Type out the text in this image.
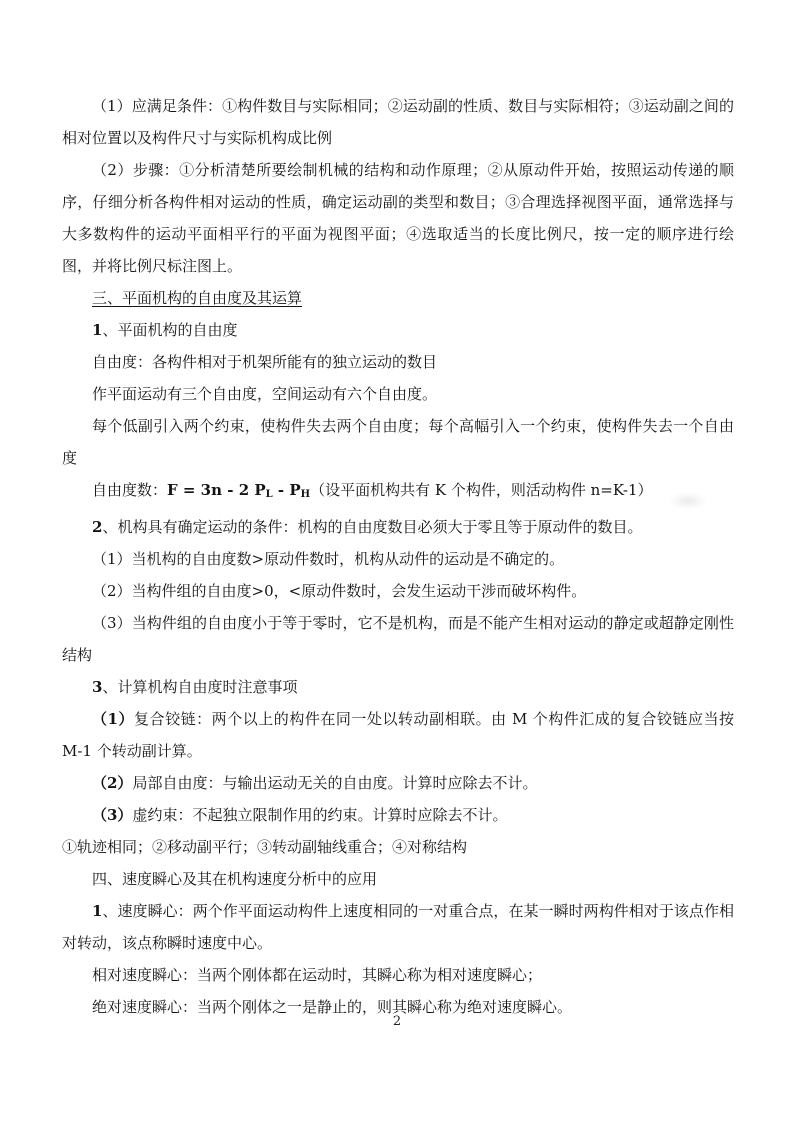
（1）应满足条件：①构件数目与实际相同；②运动副的性质、数目与实际相符；③运动副之间的相对位置以及构件尺寸与实际机构成比例

（2）步骤：①分析清楚所要绘制机械的结构和动作原理；②从原动件开始，按照运动传递的顺序，仔细分析各构件相对运动的性质，确定运动副的类型和数目；③合理选择视图平面，通常选择与大多数构件的运动平面相平行的平面为视图平面；④选取适当的长度比例尺，按一定的顺序进行绘图，并将比例尺标注图上。

三、平面机构的自由度及其运算

1、平面机构的自由度

自由度：各构件相对于机架所能有的独立运动的数目

作平面运动有三个自由度，空间运动有六个自由度。

每个低副引入两个约束，使构件失去两个自由度；每个高幅引入一个约束，使构件失去一个自由度

自由度数：F = 3n - 2 $P_L - P_H$（设平面机构共有 K 个构件，则活动构件 n=K-1）

2、机构具有确定运动的条件：机构的自由度数目必须大于零且等于原动件的数目。

（1）当机构的自由度数>原动件数时，机构从动件的运动是不确定的。

（2）当构件组的自由度>0，<原动件数时，会发生运动干涉而破坏构件。

（3）当构件组的自由度小于等于零时，它不是机构，而是不能产生相对运动的静定或超静定刚性结构

3、计算机构自由度时注意事项

（1）复合铰链：两个以上的构件在同一处以转动副相联。由 M 个构件汇成的复合铰链应当按 M-1 个转动副计算。

（2）局部自由度：与输出运动无关的自由度。计算时应除去不计。

（3）虚约束：不起独立限制作用的约束。计算时应除去不计。

①轨迹相同；②移动副平行；③转动副轴线重合；④对称结构

四、速度瞬心及其在机构速度分析中的应用

1、速度瞬心：两个作平面运动构件上速度相同的一对重合点，在某一瞬时两构件相对于该点作相对转动，该点称瞬时速度中心。

相对速度瞬心：当两个刚体都在运动时，其瞬心称为相对速度瞬心；

绝对速度瞬心：当两个刚体之一是静止的，则其瞬心称为绝对速度瞬心。

2
